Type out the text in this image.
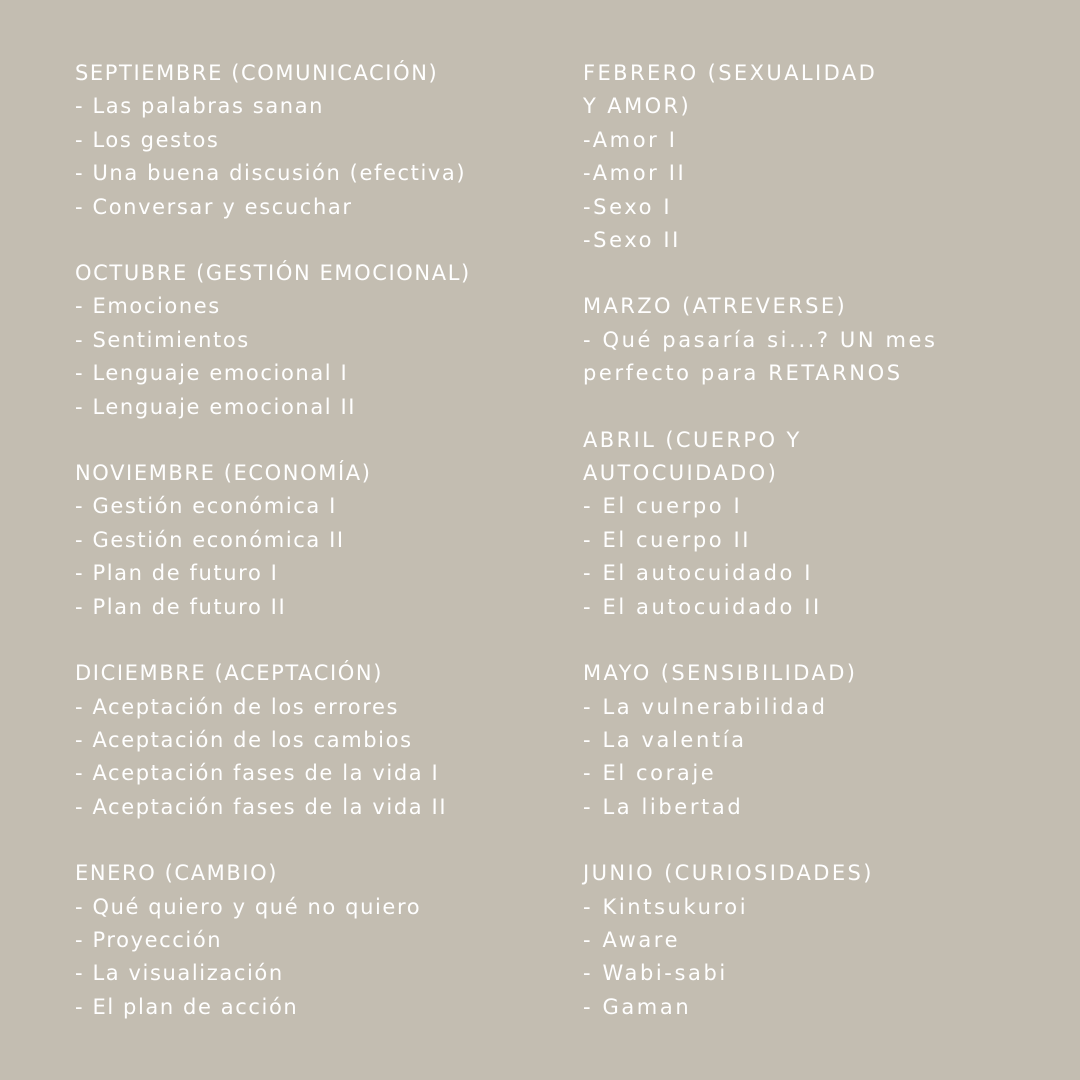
SEPTIEMBRE (COMUNICACIÓN)
- Las palabras sanan
- Los gestos
- Una buena discusión (efectiva)
- Conversar y escuchar
OCTUBRE (GESTIÓN EMOCIONAL)
- Emociones
- Sentimientos
- Lenguaje emocional I
- Lenguaje emocional II
NOVIEMBRE (ECONOMÍA)
- Gestión económica I
- Gestión económica II
- Plan de futuro I
- Plan de futuro II
DICIEMBRE (ACEPTACIÓN)
- Aceptación de los errores
- Aceptación de los cambios
- Aceptación fases de la vida I
- Aceptación fases de la vida II
ENERO (CAMBIO)
- Qué quiero y qué no quiero
- Proyección
- La visualización
- El plan de acción
FEBRERO (SEXUALIDAD
Y AMOR)
-Amor I
-Amor II
-Sexo I
-Sexo II
MARZO (ATREVERSE)
- Qué pasaría si...? UN mes
perfecto para RETARNOS
ABRIL (CUERPO Y
AUTOCUIDADO)
- El cuerpo I
- El cuerpo II
- El autocuidado I
- El autocuidado II
MAYO (SENSIBILIDAD)
- La vulnerabilidad
- La valentía
- El coraje
- La libertad
JUNIO (CURIOSIDADES)
- Kintsukuroi
- Aware
- Wabi-sabi
- Gaman
